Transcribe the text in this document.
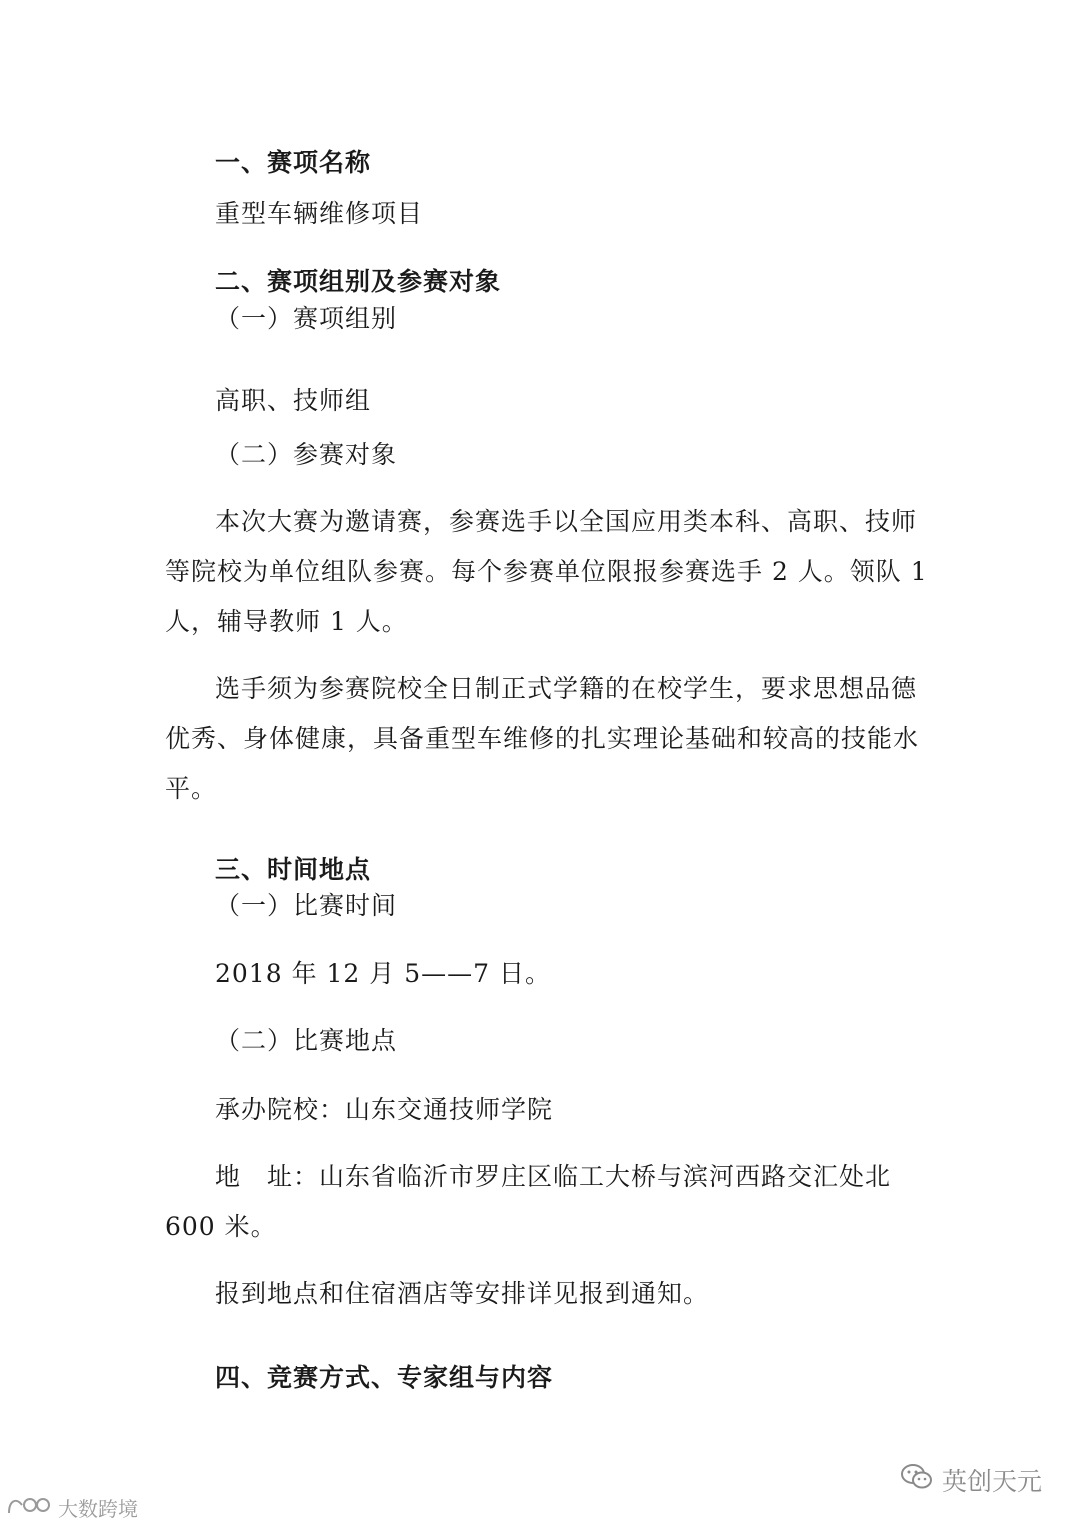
一、赛项名称
重型车辆维修项目
二、赛项组别及参赛对象
（一）赛项组别
高职、技师组
（二）参赛对象
本次大赛为邀请赛，参赛选手以全国应用类本科、高职、技师
等院校为单位组队参赛。每个参赛单位限报参赛选手 2 人。领队 1
人，辅导教师 1 人。
选手须为参赛院校全日制正式学籍的在校学生，要求思想品德
优秀、身体健康，具备重型车维修的扎实理论基础和较高的技能水
平。
三、时间地点
（一）比赛时间
2018 年 12 月 5——7 日。
（二）比赛地点
承办院校：山东交通技师学院
地　址：山东省临沂市罗庄区临工大桥与滨河西路交汇处北
600 米。
报到地点和住宿酒店等安排详见报到通知。
四、竞赛方式、专家组与内容
英创天元
大数跨境
